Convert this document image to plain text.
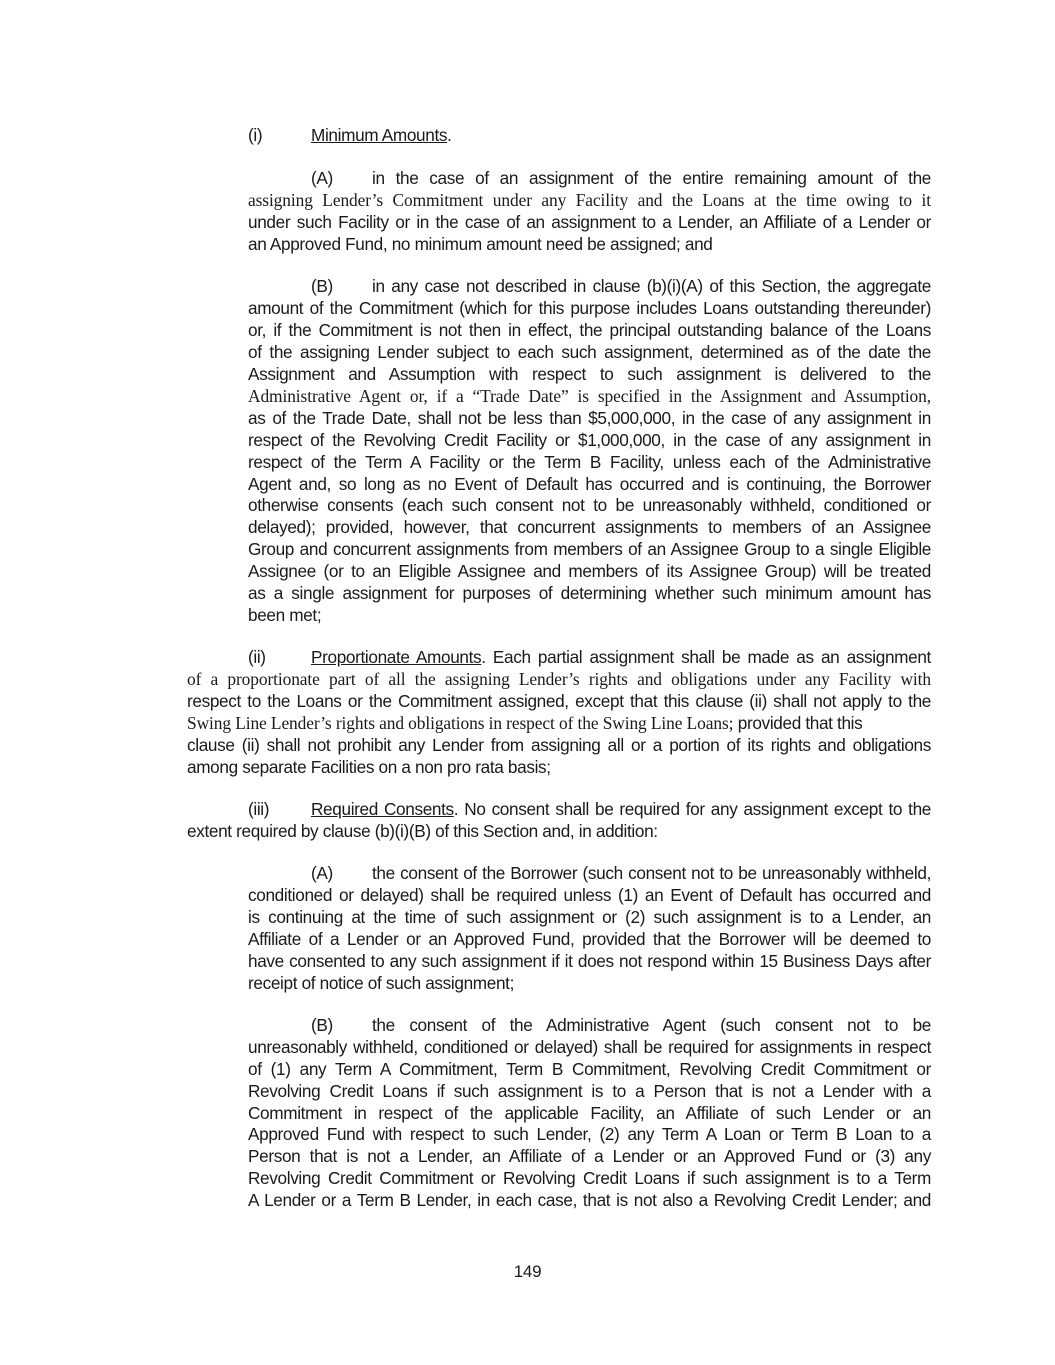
(i)	Minimum Amounts.
(A) in the case of an assignment of the entire remaining amount of the
assigning Lender’s Commitment under any Facility and the Loans at the time owing to it
under such Facility or in the case of an assignment to a Lender, an Affiliate of a Lender or
an Approved Fund, no minimum amount need be assigned; and
(B) in any case not described in clause (b)(i)(A) of this Section, the aggregate
amount of the Commitment (which for this purpose includes Loans outstanding thereunder)
or, if the Commitment is not then in effect, the principal outstanding balance of the Loans
of the assigning Lender subject to each such assignment, determined as of the date the
Assignment and Assumption with respect to such assignment is delivered to the
Administrative Agent or, if a “Trade Date” is specified in the Assignment and Assumption,
as of the Trade Date, shall not be less than $5,000,000, in the case of any assignment in
respect of the Revolving Credit Facility or $1,000,000, in the case of any assignment in
respect of the Term A Facility or the Term B Facility, unless each of the Administrative
Agent and, so long as no Event of Default has occurred and is continuing, the Borrower
otherwise consents (each such consent not to be unreasonably withheld, conditioned or
delayed); provided, however, that concurrent assignments to members of an Assignee
Group and concurrent assignments from members of an Assignee Group to a single Eligible
Assignee (or to an Eligible Assignee and members of its Assignee Group) will be treated
as a single assignment for purposes of determining whether such minimum amount has
been met;
(ii)	Proportionate Amounts. Each partial assignment shall be made as an assignment
of a proportionate part of all the assigning Lender’s rights and obligations under any Facility with
respect to the Loans or the Commitment assigned, except that this clause (ii) shall not apply to the
Swing Line Lender’s rights and obligations in respect of the Swing Line Loans; provided that this
clause (ii) shall not prohibit any Lender from assigning all or a portion of its rights and obligations
among separate Facilities on a non pro rata basis;
(iii) Required Consents. No consent shall be required for any assignment except to the
extent required by clause (b)(i)(B) of this Section and, in addition:
(A) the consent of the Borrower (such consent not to be unreasonably withheld,
conditioned or delayed) shall be required unless (1) an Event of Default has occurred and
is continuing at the time of such assignment or (2) such assignment is to a Lender, an
Affiliate of a Lender or an Approved Fund, provided that the Borrower will be deemed to
have consented to any such assignment if it does not respond within 15 Business Days after
receipt of notice of such assignment;
(B) the consent of the Administrative Agent (such consent not to be
unreasonably withheld, conditioned or delayed) shall be required for assignments in respect
of (1) any Term A Commitment, Term B Commitment, Revolving Credit Commitment or
Revolving Credit Loans if such assignment is to a Person that is not a Lender with a
Commitment in respect of the applicable Facility, an Affiliate of such Lender or an
Approved Fund with respect to such Lender, (2) any Term A Loan or Term B Loan to a
Person that is not a Lender, an Affiliate of a Lender or an Approved Fund or (3) any
Revolving Credit Commitment or Revolving Credit Loans if such assignment is to a Term
A Lender or a Term B Lender, in each case, that is not also a Revolving Credit Lender; and
149
